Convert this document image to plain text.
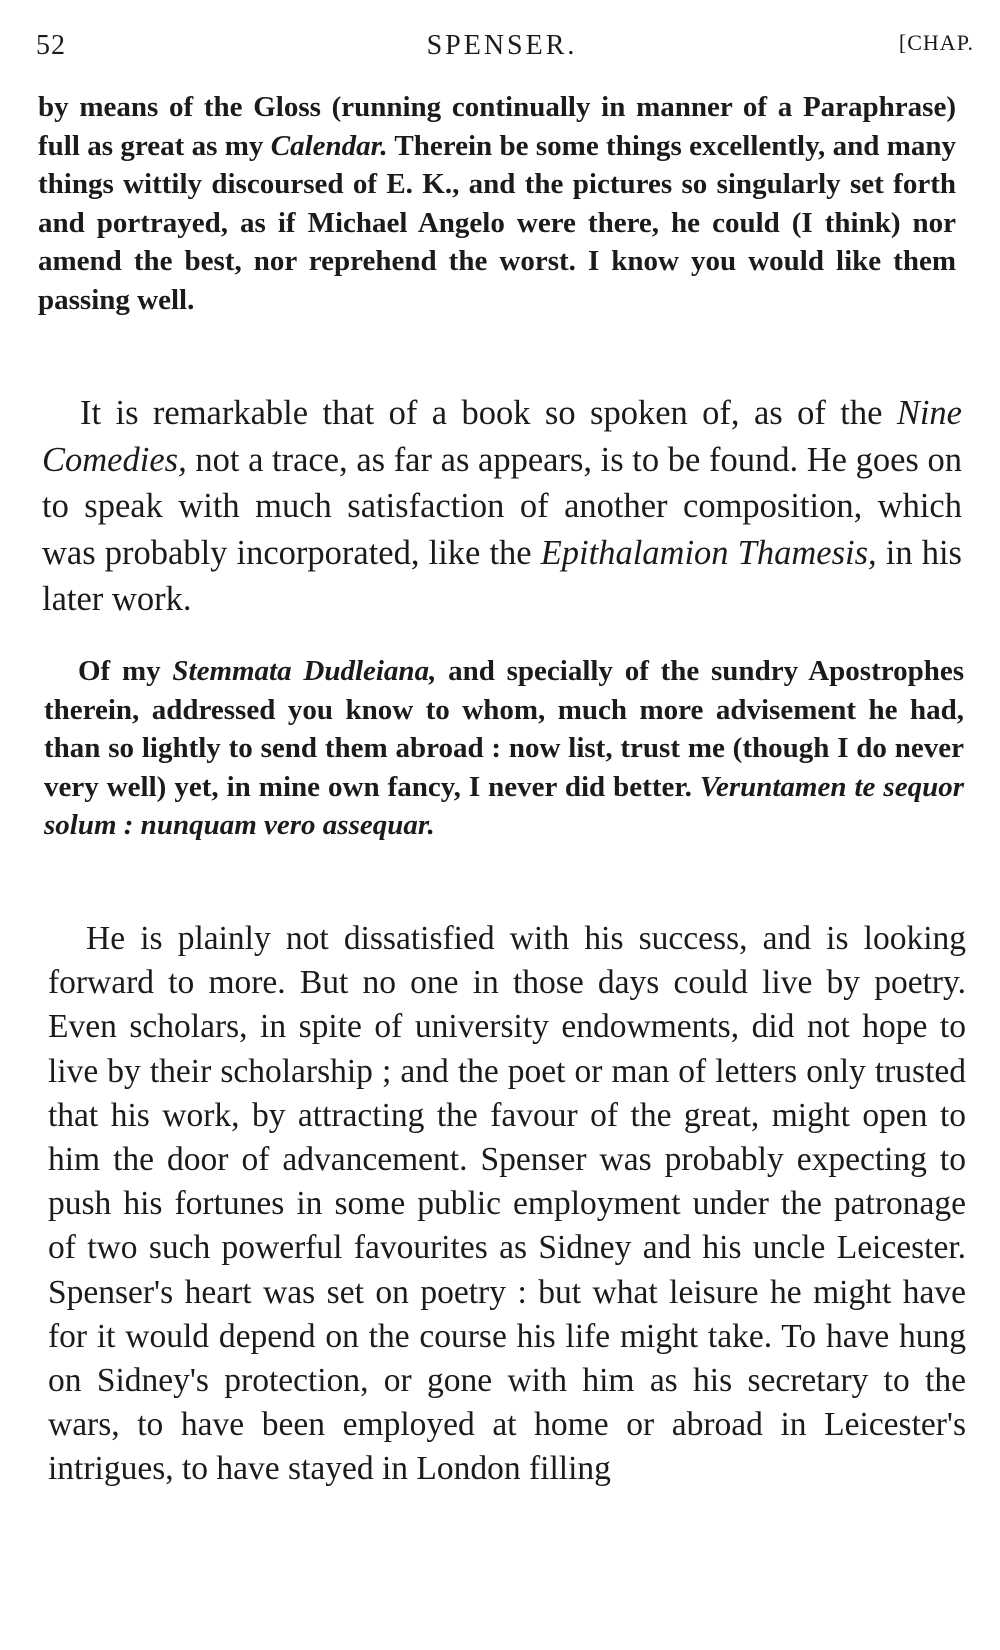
52	SPENSER.	[CHAP.

by means of the Gloss (running continually in manner of a Paraphrase) full as great as my Calendar. Therein be some things excellently, and many things wittily discoursed of E. K., and the pictures so singularly set forth and portrayed, as if Michael Angelo were there, he could (I think) nor amend the best, nor reprehend the worst. I know you would like them passing well.

It is remarkable that of a book so spoken of, as of the Nine Comedies, not a trace, as far as appears, is to be found. He goes on to speak with much satisfaction of another composition, which was probably incorporated, like the Epithalamion Thamesis, in his later work.

Of my Stemmata Dudleiana, and specially of the sundry Apostrophes therein, addressed you know to whom, much more advisement he had, than so lightly to send them abroad : now list, trust me (though I do never very well) yet, in mine own fancy, I never did better. Veruntamen te sequor solum : nunquam vero assequar.

He is plainly not dissatisfied with his success, and is looking forward to more. But no one in those days could live by poetry. Even scholars, in spite of university endowments, did not hope to live by their scholarship ; and the poet or man of letters only trusted that his work, by attracting the favour of the great, might open to him the door of advancement. Spenser was probably expecting to push his fortunes in some public employment under the patronage of two such powerful favourites as Sidney and his uncle Leicester. Spenser's heart was set on poetry : but what leisure he might have for it would depend on the course his life might take. To have hung on Sidney's protection, or gone with him as his secretary to the wars, to have been employed at home or abroad in Leicester's intrigues, to have stayed in London filling
